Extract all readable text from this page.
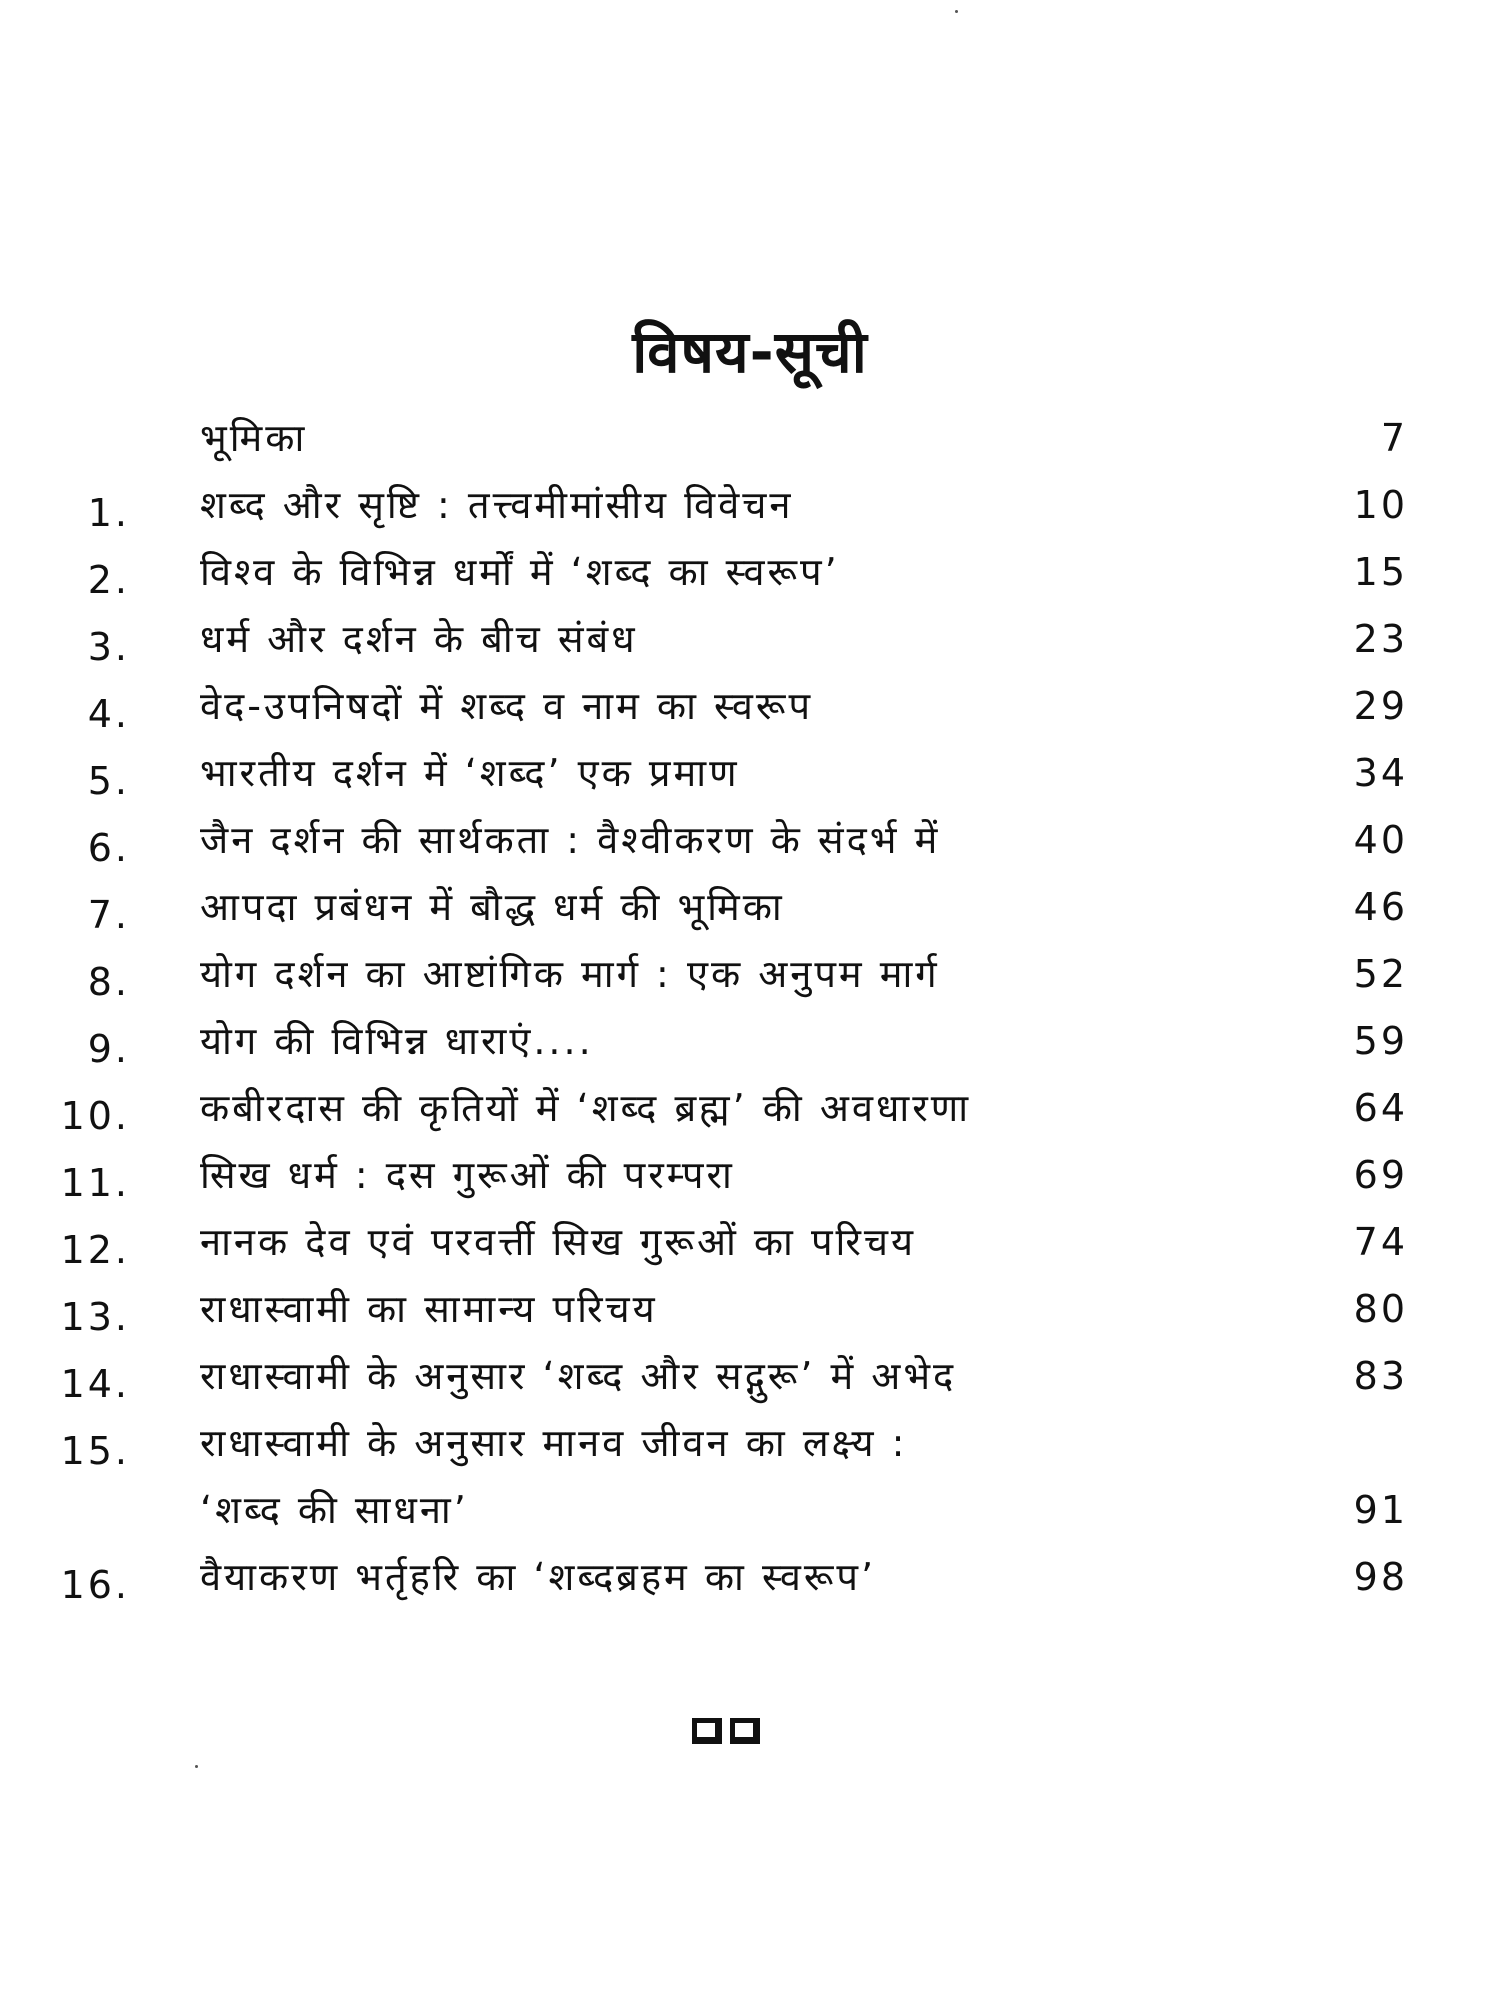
विषय-सूची
भूमिका	7
1. शब्द और सृष्टि : तत्त्वमीमांसीय विवेचन	10
2. विश्व के विभिन्न धर्मों में ‘शब्द का स्वरूप’	15
3. धर्म और दर्शन के बीच संबंध	23
4. वेद-उपनिषदों में शब्द व नाम का स्वरूप	29
5. भारतीय दर्शन में ‘शब्द’ एक प्रमाण	34
6. जैन दर्शन की सार्थकता : वैश्वीकरण के संदर्भ में	40
7. आपदा प्रबंधन में बौद्ध धर्म की भूमिका	46
8. योग दर्शन का आष्टांगिक मार्ग : एक अनुपम मार्ग	52
9. योग की विभिन्न धाराएं....	59
10. कबीरदास की कृतियों में ‘शब्द ब्रह्म’ की अवधारणा	64
11. सिख धर्म : दस गुरूओं की परम्परा	69
12. नानक देव एवं परवर्त्ती सिख गुरूओं का परिचय	74
13. राधास्वामी का सामान्य परिचय	80
14. राधास्वामी के अनुसार ‘शब्द और सद्गुरू’ में अभेद	83
15. राधास्वामी के अनुसार मानव जीवन का लक्ष्य :
‘शब्द की साधना’	91
16. वैयाकरण भर्तृहरि का ‘शब्दब्रहम का स्वरूप’	98
